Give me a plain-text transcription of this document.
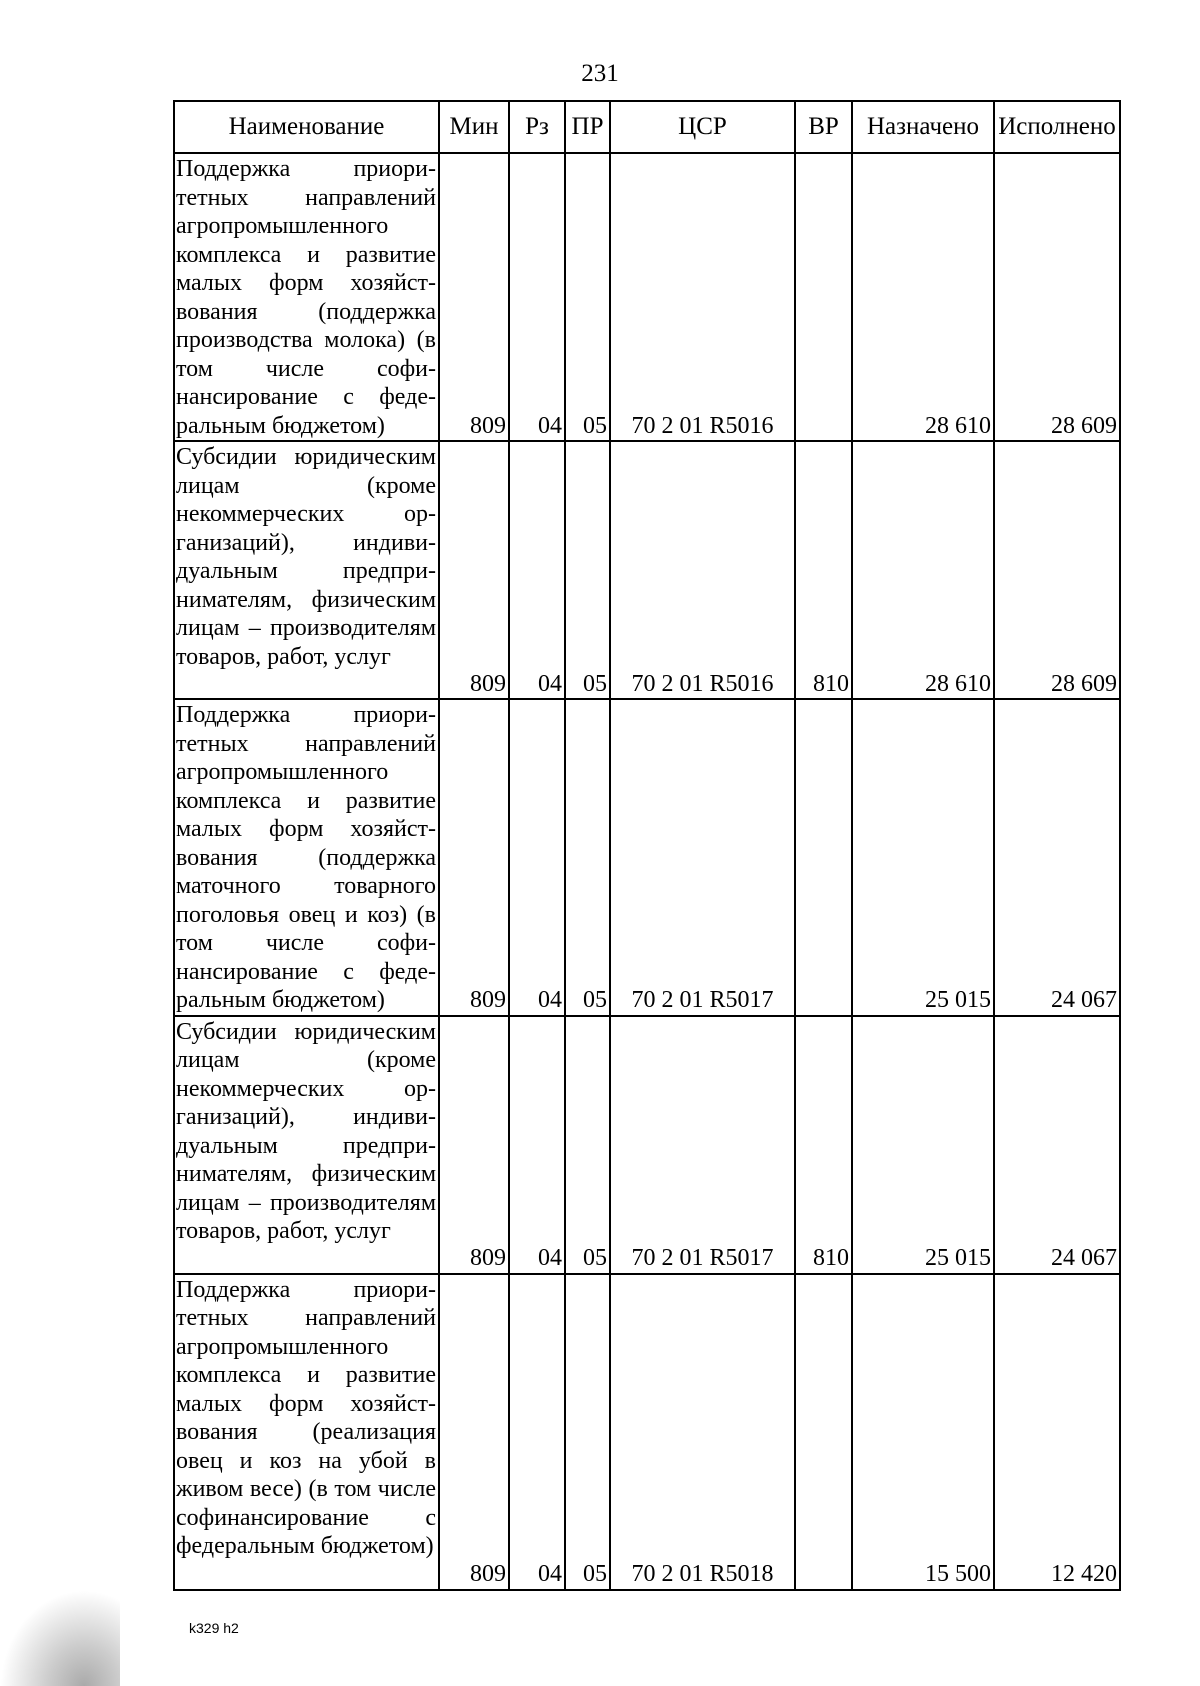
231
Наименование	Мин	Рз	ПР	ЦСР	ВР	Назначено	Исполнено
Поддержка приоритетных направлений агропромышленного комплекса и развитие малых форм хозяйствования (поддержка производства молока) (в том числе софинансирование с федеральным бюджетом)	809	04	05	70 2 01 R5016		28 610	28 609
Субсидии юридическим лицам (кроме некоммерческих организаций), индивидуальным предпринимателям, физическим лицам – производителям товаров, работ, услуг	809	04	05	70 2 01 R5016	810	28 610	28 609
Поддержка приоритетных направлений агропромышленного комплекса и развитие малых форм хозяйствования (поддержка маточного товарного поголовья овец и коз) (в том числе софинансирование с федеральным бюджетом)	809	04	05	70 2 01 R5017		25 015	24 067
Субсидии юридическим лицам (кроме некоммерческих организаций), индивидуальным предпринимателям, физическим лицам – производителям товаров, работ, услуг	809	04	05	70 2 01 R5017	810	25 015	24 067
Поддержка приоритетных направлений агропромышленного комплекса и развитие малых форм хозяйствования (реализация овец и коз на убой в живом весе) (в том числе софинансирование с федеральным бюджетом)	809	04	05	70 2 01 R5018		15 500	12 420
k329 h2
